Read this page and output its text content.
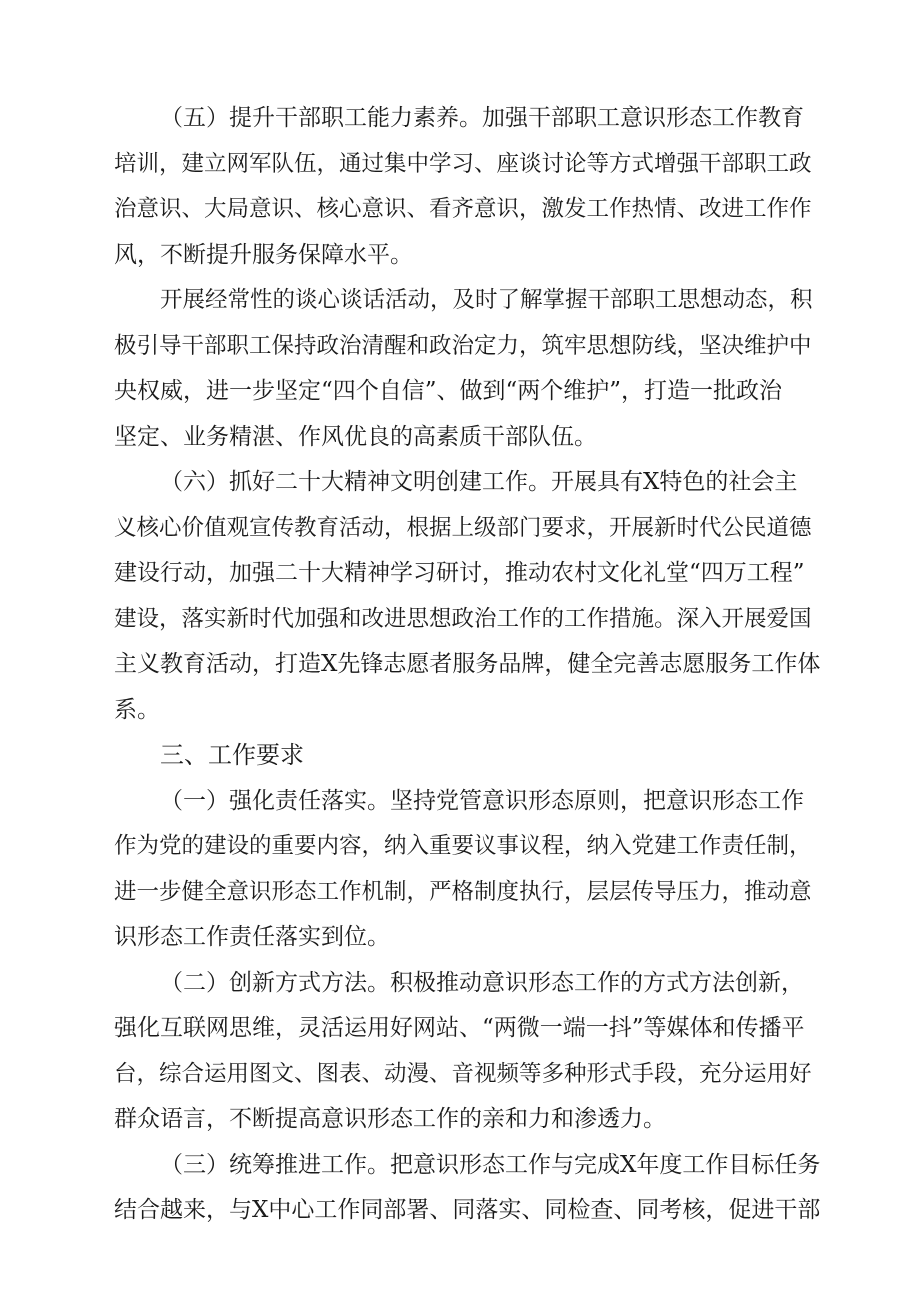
（五）提升干部职工能力素养。加强干部职工意识形态工作教育
培训，建立网军队伍，通过集中学习、座谈讨论等方式增强干部职工政
治意识、大局意识、核心意识、看齐意识，激发工作热情、改进工作作
风，不断提升服务保障水平。
开展经常性的谈心谈话活动，及时了解掌握干部职工思想动态，积
极引导干部职工保持政治清醒和政治定力，筑牢思想防线，坚决维护中
央权威，进一步坚定“四个自信”、做到“两个维护”，打造一批政治
坚定、业务精湛、作风优良的高素质干部队伍。
（六）抓好二十大精神文明创建工作。开展具有X特色的社会主
义核心价值观宣传教育活动，根据上级部门要求，开展新时代公民道德
建设行动，加强二十大精神学习研讨，推动农村文化礼堂“四万工程”
建设，落实新时代加强和改进思想政治工作的工作措施。深入开展爱国
主义教育活动，打造X先锋志愿者服务品牌，健全完善志愿服务工作体
系。
三、工作要求
（一）强化责任落实。坚持党管意识形态原则，把意识形态工作
作为党的建设的重要内容，纳入重要议事议程，纳入党建工作责任制，
进一步健全意识形态工作机制，严格制度执行，层层传导压力，推动意
识形态工作责任落实到位。
（二）创新方式方法。积极推动意识形态工作的方式方法创新，
强化互联网思维，灵活运用好网站、“两微一端一抖”等媒体和传播平
台，综合运用图文、图表、动漫、音视频等多种形式手段，充分运用好
群众语言，不断提高意识形态工作的亲和力和渗透力。
（三）统筹推进工作。把意识形态工作与完成X年度工作目标任务
结合越来，与X中心工作同部署、同落实、同检查、同考核，促进干部
